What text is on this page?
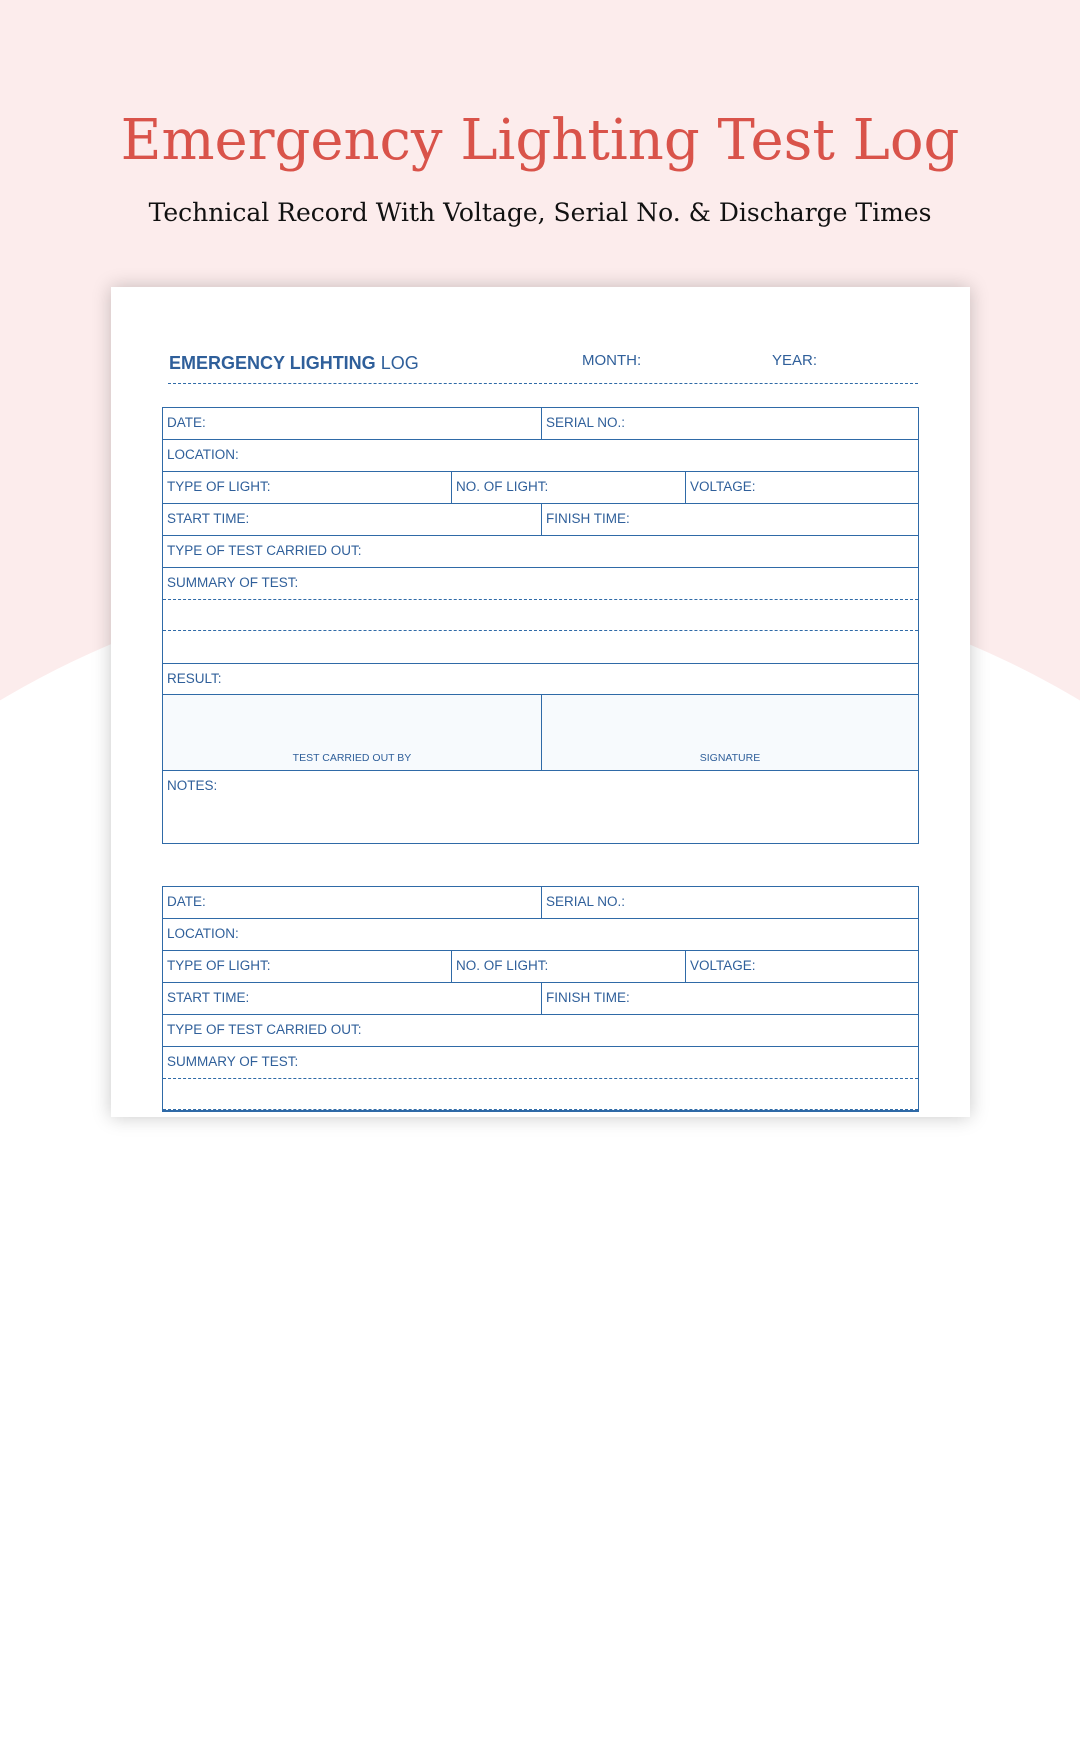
Emergency Lighting Test Log

Technical Record With Voltage, Serial No. & Discharge Times

EMERGENCY LIGHTING LOG	MONTH:	YEAR:
DATE:	SERIAL NO.:
LOCATION:
TYPE OF LIGHT:	NO. OF LIGHT:	VOLTAGE:
START TIME:	FINISH TIME:
TYPE OF TEST CARRIED OUT:
SUMMARY OF TEST:
RESULT:
TEST CARRIED OUT BY	SIGNATURE
NOTES:
DATE:	SERIAL NO.:
LOCATION:
TYPE OF LIGHT:	NO. OF LIGHT:	VOLTAGE:
START TIME:	FINISH TIME:
TYPE OF TEST CARRIED OUT:
SUMMARY OF TEST:
